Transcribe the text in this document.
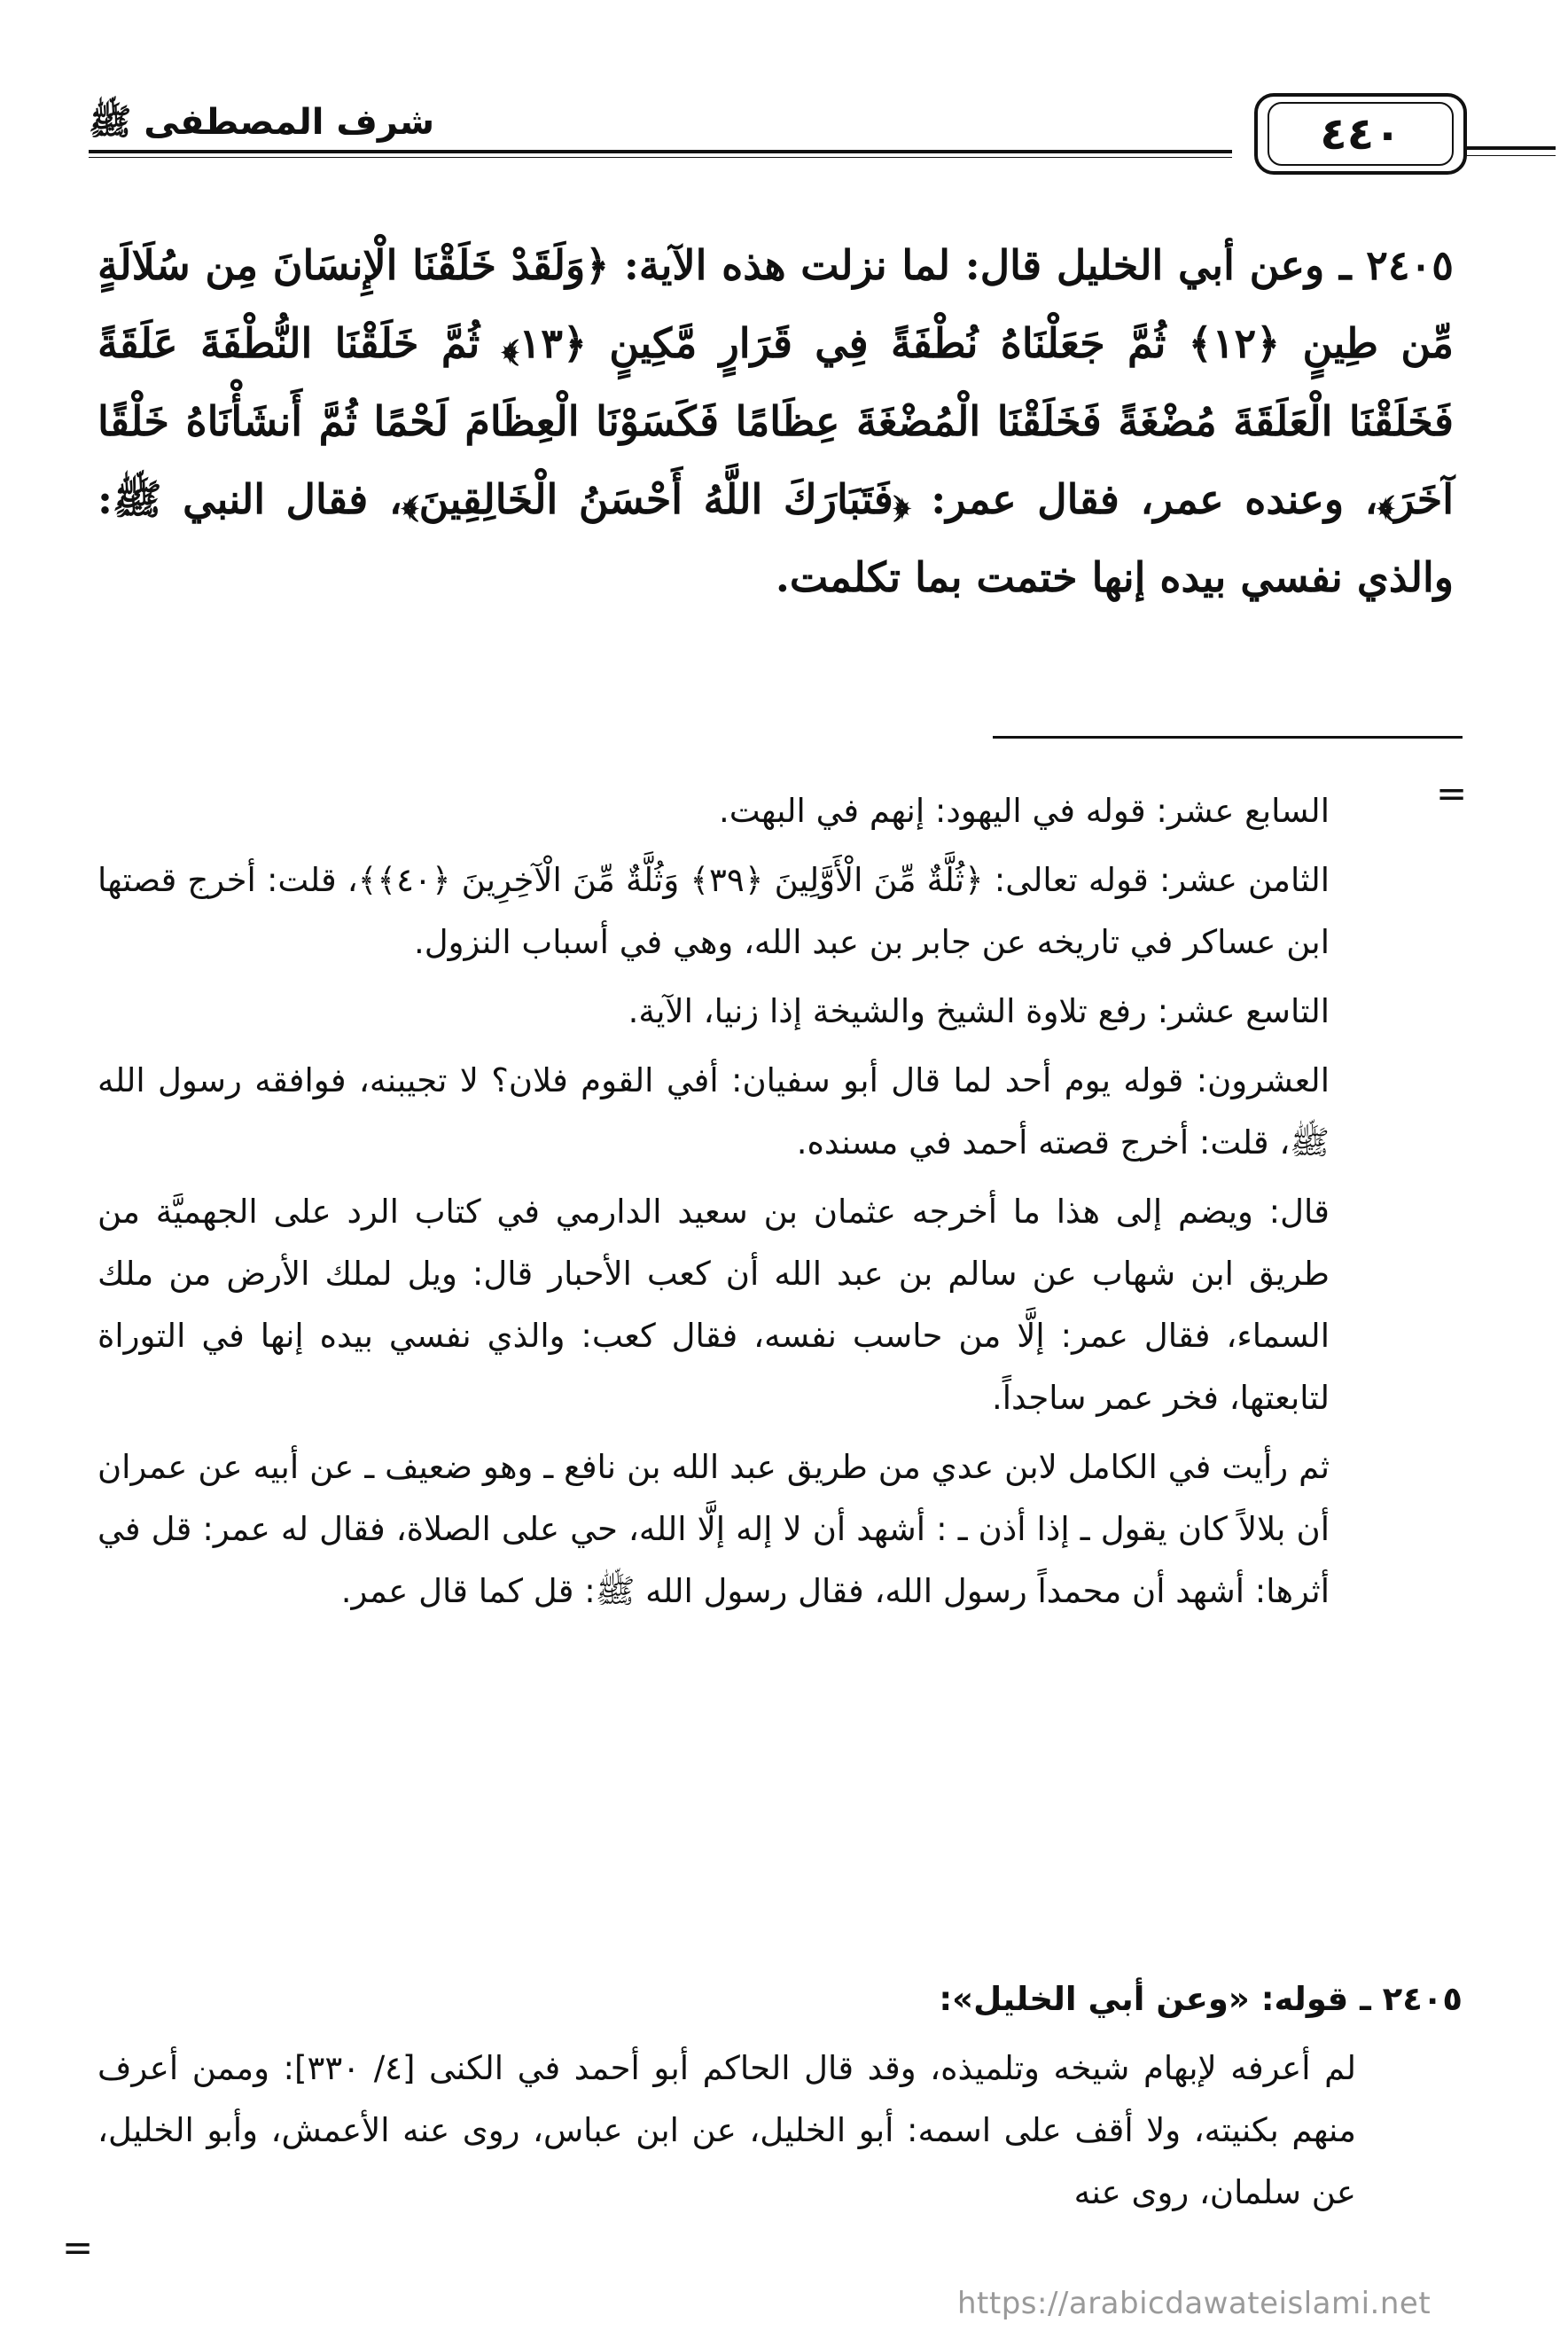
شرف المصطفى ﷺ	٤٤٠

٢٤٠٥ ـ وعن أبي الخليل قال: لما نزلت هذه الآية: ﴿وَلَقَدْ خَلَقْنَا الْإِنسَانَ مِن سُلَالَةٍ مِّن طِينٍ ﴿١٢﴾ ثُمَّ جَعَلْنَاهُ نُطْفَةً فِي قَرَارٍ مَّكِينٍ ﴿١٣﴾ ثُمَّ خَلَقْنَا النُّطْفَةَ عَلَقَةً فَخَلَقْنَا الْعَلَقَةَ مُضْغَةً فَخَلَقْنَا الْمُضْغَةَ عِظَامًا فَكَسَوْنَا الْعِظَامَ لَحْمًا ثُمَّ أَنشَأْنَاهُ خَلْقًا آخَرَ﴾، وعنده عمر، فقال عمر: ﴿فَتَبَارَكَ اللَّهُ أَحْسَنُ الْخَالِقِينَ﴾، فقال النبي ﷺ: والذي نفسي بيده إنها ختمت بما تكلمت.

=

السابع عشر: قوله في اليهود: إنهم في البهت.

الثامن عشر: قوله تعالى: ﴿ثُلَّةٌ مِّنَ الْأَوَّلِينَ ﴿٣٩﴾ وَثُلَّةٌ مِّنَ الْآخِرِينَ ﴿٤٠﴾﴾، قلت: أخرج قصتها ابن عساكر في تاريخه عن جابر بن عبد الله، وهي في أسباب النزول.

التاسع عشر: رفع تلاوة الشيخ والشيخة إذا زنيا، الآية.

العشرون: قوله يوم أحد لما قال أبو سفيان: أفي القوم فلان؟ لا تجيبنه، فوافقه رسول الله ﷺ، قلت: أخرج قصته أحمد في مسنده.

قال: ويضم إلى هذا ما أخرجه عثمان بن سعيد الدارمي في كتاب الرد على الجهميَّة من طريق ابن شهاب عن سالم بن عبد الله أن كعب الأحبار قال: ويل لملك الأرض من ملك السماء، فقال عمر: إلَّا من حاسب نفسه، فقال كعب: والذي نفسي بيده إنها في التوراة لتابعتها، فخر عمر ساجداً.

ثم رأيت في الكامل لابن عدي من طريق عبد الله بن نافع ـ وهو ضعيف ـ عن أبيه عن عمران أن بلالاً كان يقول ـ إذا أذن ـ : أشهد أن لا إله إلَّا الله، حي على الصلاة، فقال له عمر: قل في أثرها: أشهد أن محمداً رسول الله، فقال رسول الله ﷺ: قل كما قال عمر.

٢٤٠٥ ـ قوله: «وعن أبي الخليل»:

لم أعرفه لإبهام شيخه وتلميذه، وقد قال الحاكم أبو أحمد في الكنى [٤/ ٣٣٠]: وممن أعرف منهم بكنيته، ولا أقف على اسمه: أبو الخليل، عن ابن عباس، روى عنه الأعمش، وأبو الخليل، عن سلمان، روى عنه

=
https://arabicdawateislami.net
